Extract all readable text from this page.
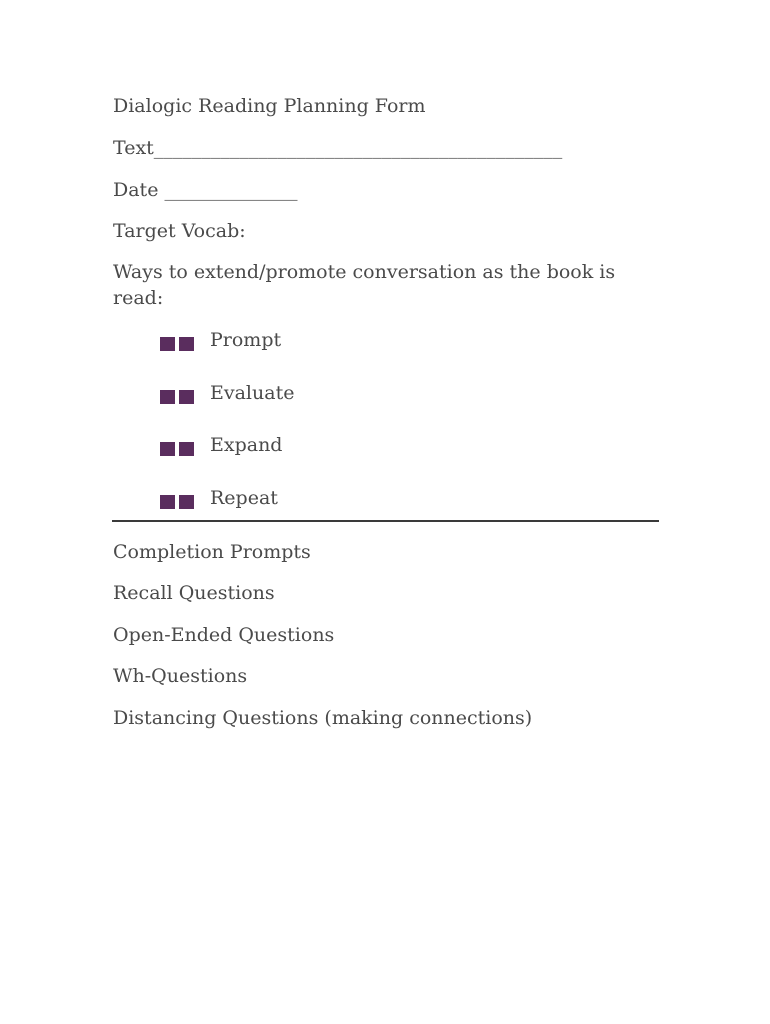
Dialogic Reading Planning Form
Text___________________________________________
Date ______________
Target Vocab:
Ways to extend/promote conversation as the book is read:
Prompt
Evaluate
Expand
Repeat
Completion Prompts
Recall Questions
Open-Ended Questions
Wh-Questions
Distancing Questions (making connections)
